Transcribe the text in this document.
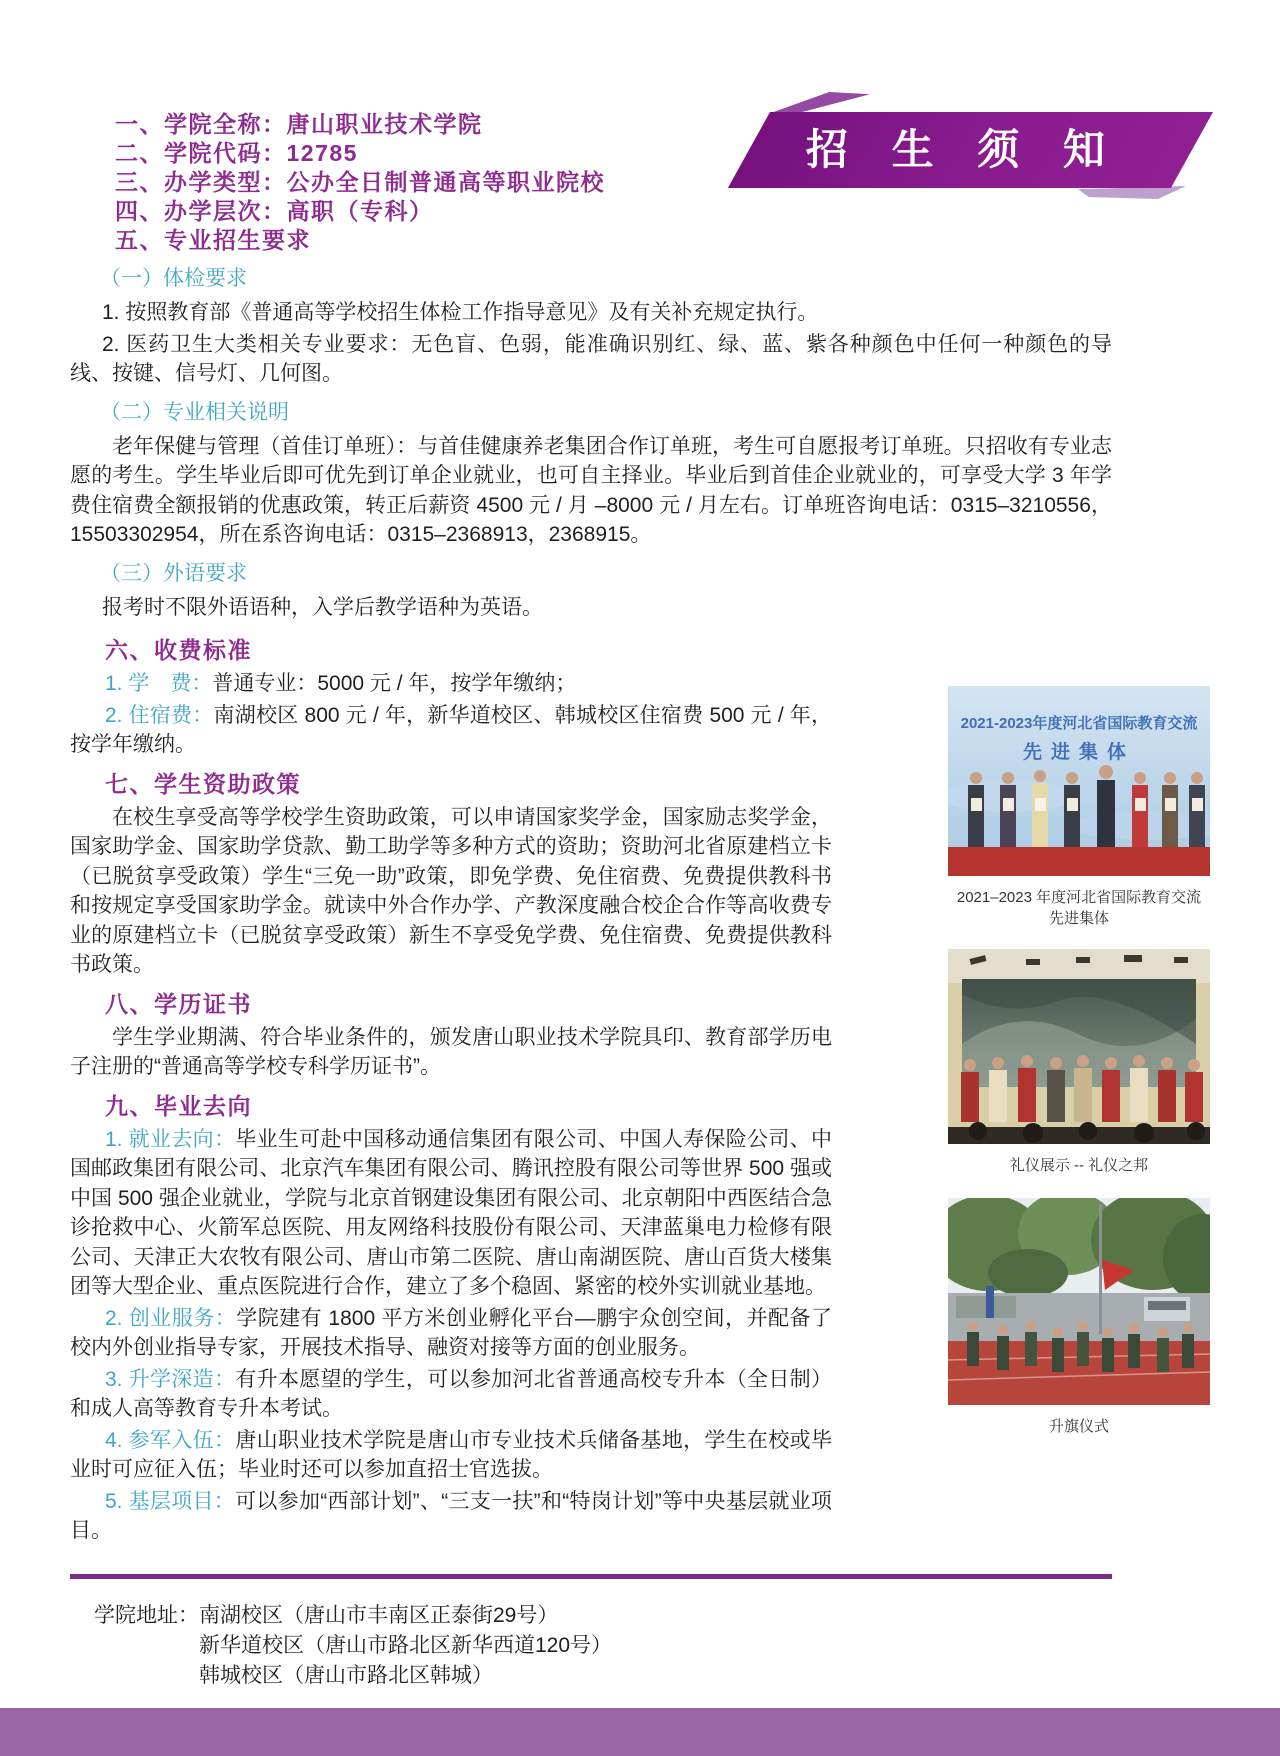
招 生 须 知
一、学院全称：唐山职业技术学院
二、学院代码：12785
三、办学类型：公办全日制普通高等职业院校
四、办学层次：高职（专科）
五、专业招生要求
（一）体检要求

1. 按照教育部《普通高等学校招生体检工作指导意见》及有关补充规定执行。

2. 医药卫生大类相关专业要求：无色盲、色弱，能准确识别红、绿、蓝、紫各种颜色中任何一种颜色的导线、按键、信号灯、几何图。

（二）专业相关说明

老年保健与管理（首佳订单班）：与首佳健康养老集团合作订单班，考生可自愿报考订单班。只招收有专业志愿的考生。学生毕业后即可优先到订单企业就业，也可自主择业。毕业后到首佳企业就业的，可享受大学 3 年学费住宿费全额报销的优惠政策，转正后薪资 4500 元 / 月 –8000 元 / 月左右。订单班咨询电话：0315–3210556，15503302954，所在系咨询电话：0315–2368913，2368915。

（三）外语要求

报考时不限外语语种，入学后教学语种为英语。

六、收费标准

1. 学　费：普通专业：5000 元 / 年，按学年缴纳；

2. 住宿费：南湖校区 800 元 / 年，新华道校区、韩城校区住宿费 500 元 / 年，按学年缴纳。

七、学生资助政策

在校生享受高等学校学生资助政策，可以申请国家奖学金，国家励志奖学金，国家助学金、国家助学贷款、勤工助学等多种方式的资助；资助河北省原建档立卡（已脱贫享受政策）学生“三免一助”政策，即免学费、免住宿费、免费提供教科书和按规定享受国家助学金。就读中外合作办学、产教深度融合校企合作等高收费专业的原建档立卡（已脱贫享受政策）新生不享受免学费、免住宿费、免费提供教科书政策。

八、学历证书

学生学业期满、符合毕业条件的，颁发唐山职业技术学院具印、教育部学历电子注册的“普通高等学校专科学历证书”。

九、毕业去向

1. 就业去向：毕业生可赴中国移动通信集团有限公司、中国人寿保险公司、中国邮政集团有限公司、北京汽车集团有限公司、腾讯控股有限公司等世界 500 强或中国 500 强企业就业，学院与北京首钢建设集团有限公司、北京朝阳中西医结合急诊抢救中心、火箭军总医院、用友网络科技股份有限公司、天津蓝巢电力检修有限公司、天津正大农牧有限公司、唐山市第二医院、唐山南湖医院、唐山百货大楼集团等大型企业、重点医院进行合作，建立了多个稳固、紧密的校外实训就业基地。

2. 创业服务：学院建有 1800 平方米创业孵化平台—鹏宇众创空间，并配备了校内外创业指导专家，开展技术指导、融资对接等方面的创业服务。

3. 升学深造：有升本愿望的学生，可以参加河北省普通高校专升本（全日制）和成人高等教育专升本考试。

4. 参军入伍：唐山职业技术学院是唐山市专业技术兵储备基地，学生在校或毕业时可应征入伍；毕业时还可以参加直招士官选拔。

5. 基层项目：可以参加“西部计划”、“三支一扶”和“特岗计划”等中央基层就业项目。

2021-2023年度河北省国际教育交流
先进集体
2021–2023 年度河北省国际教育交流
先进集体
礼仪展示 -- 礼仪之邦
升旗仪式
学院地址： 南湖校区（唐山市丰南区正泰街29号）
新华道校区（唐山市路北区新华西道120号）
韩城校区（唐山市路北区韩城）
